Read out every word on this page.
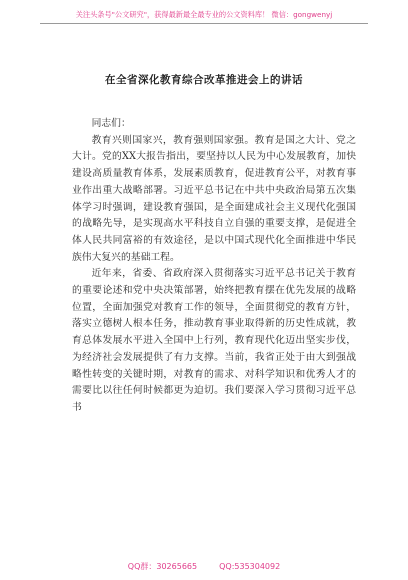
关注头条号"公文研究"，获得最新最全最专业的公文资料库！ 微信：gongwenyj
在全省深化教育综合改革推进会上的讲话

同志们：

教育兴则国家兴，教育强则国家强。教育是国之大计、党之大计。党的XX大报告指出，要坚持以人民为中心发展教育，加快建设高质量教育体系，发展素质教育，促进教育公平，对教育事业作出重大战略部署。习近平总书记在中共中央政治局第五次集体学习时强调，建设教育强国，是全面建成社会主义现代化强国的战略先导，是实现高水平科技自立自强的重要支撑，是促进全体人民共同富裕的有效途径，是以中国式现代化全面推进中华民族伟大复兴的基础工程。

近年来，省委、省政府深入贯彻落实习近平总书记关于教育的重要论述和党中央决策部署，始终把教育摆在优先发展的战略位置，全面加强党对教育工作的领导，全面贯彻党的教育方针，落实立德树人根本任务，推动教育事业取得新的历史性成就，教育总体发展水平进入全国中上行列，教育现代化迈出坚实步伐，为经济社会发展提供了有力支撑。当前，我省正处于由大到强战略性转变的关键时期，对教育的需求、对科学知识和优秀人才的需要比以往任何时候都更为迫切。我们要深入学习贯彻习近平总书

QQ群：30265665	QQ:535304092
